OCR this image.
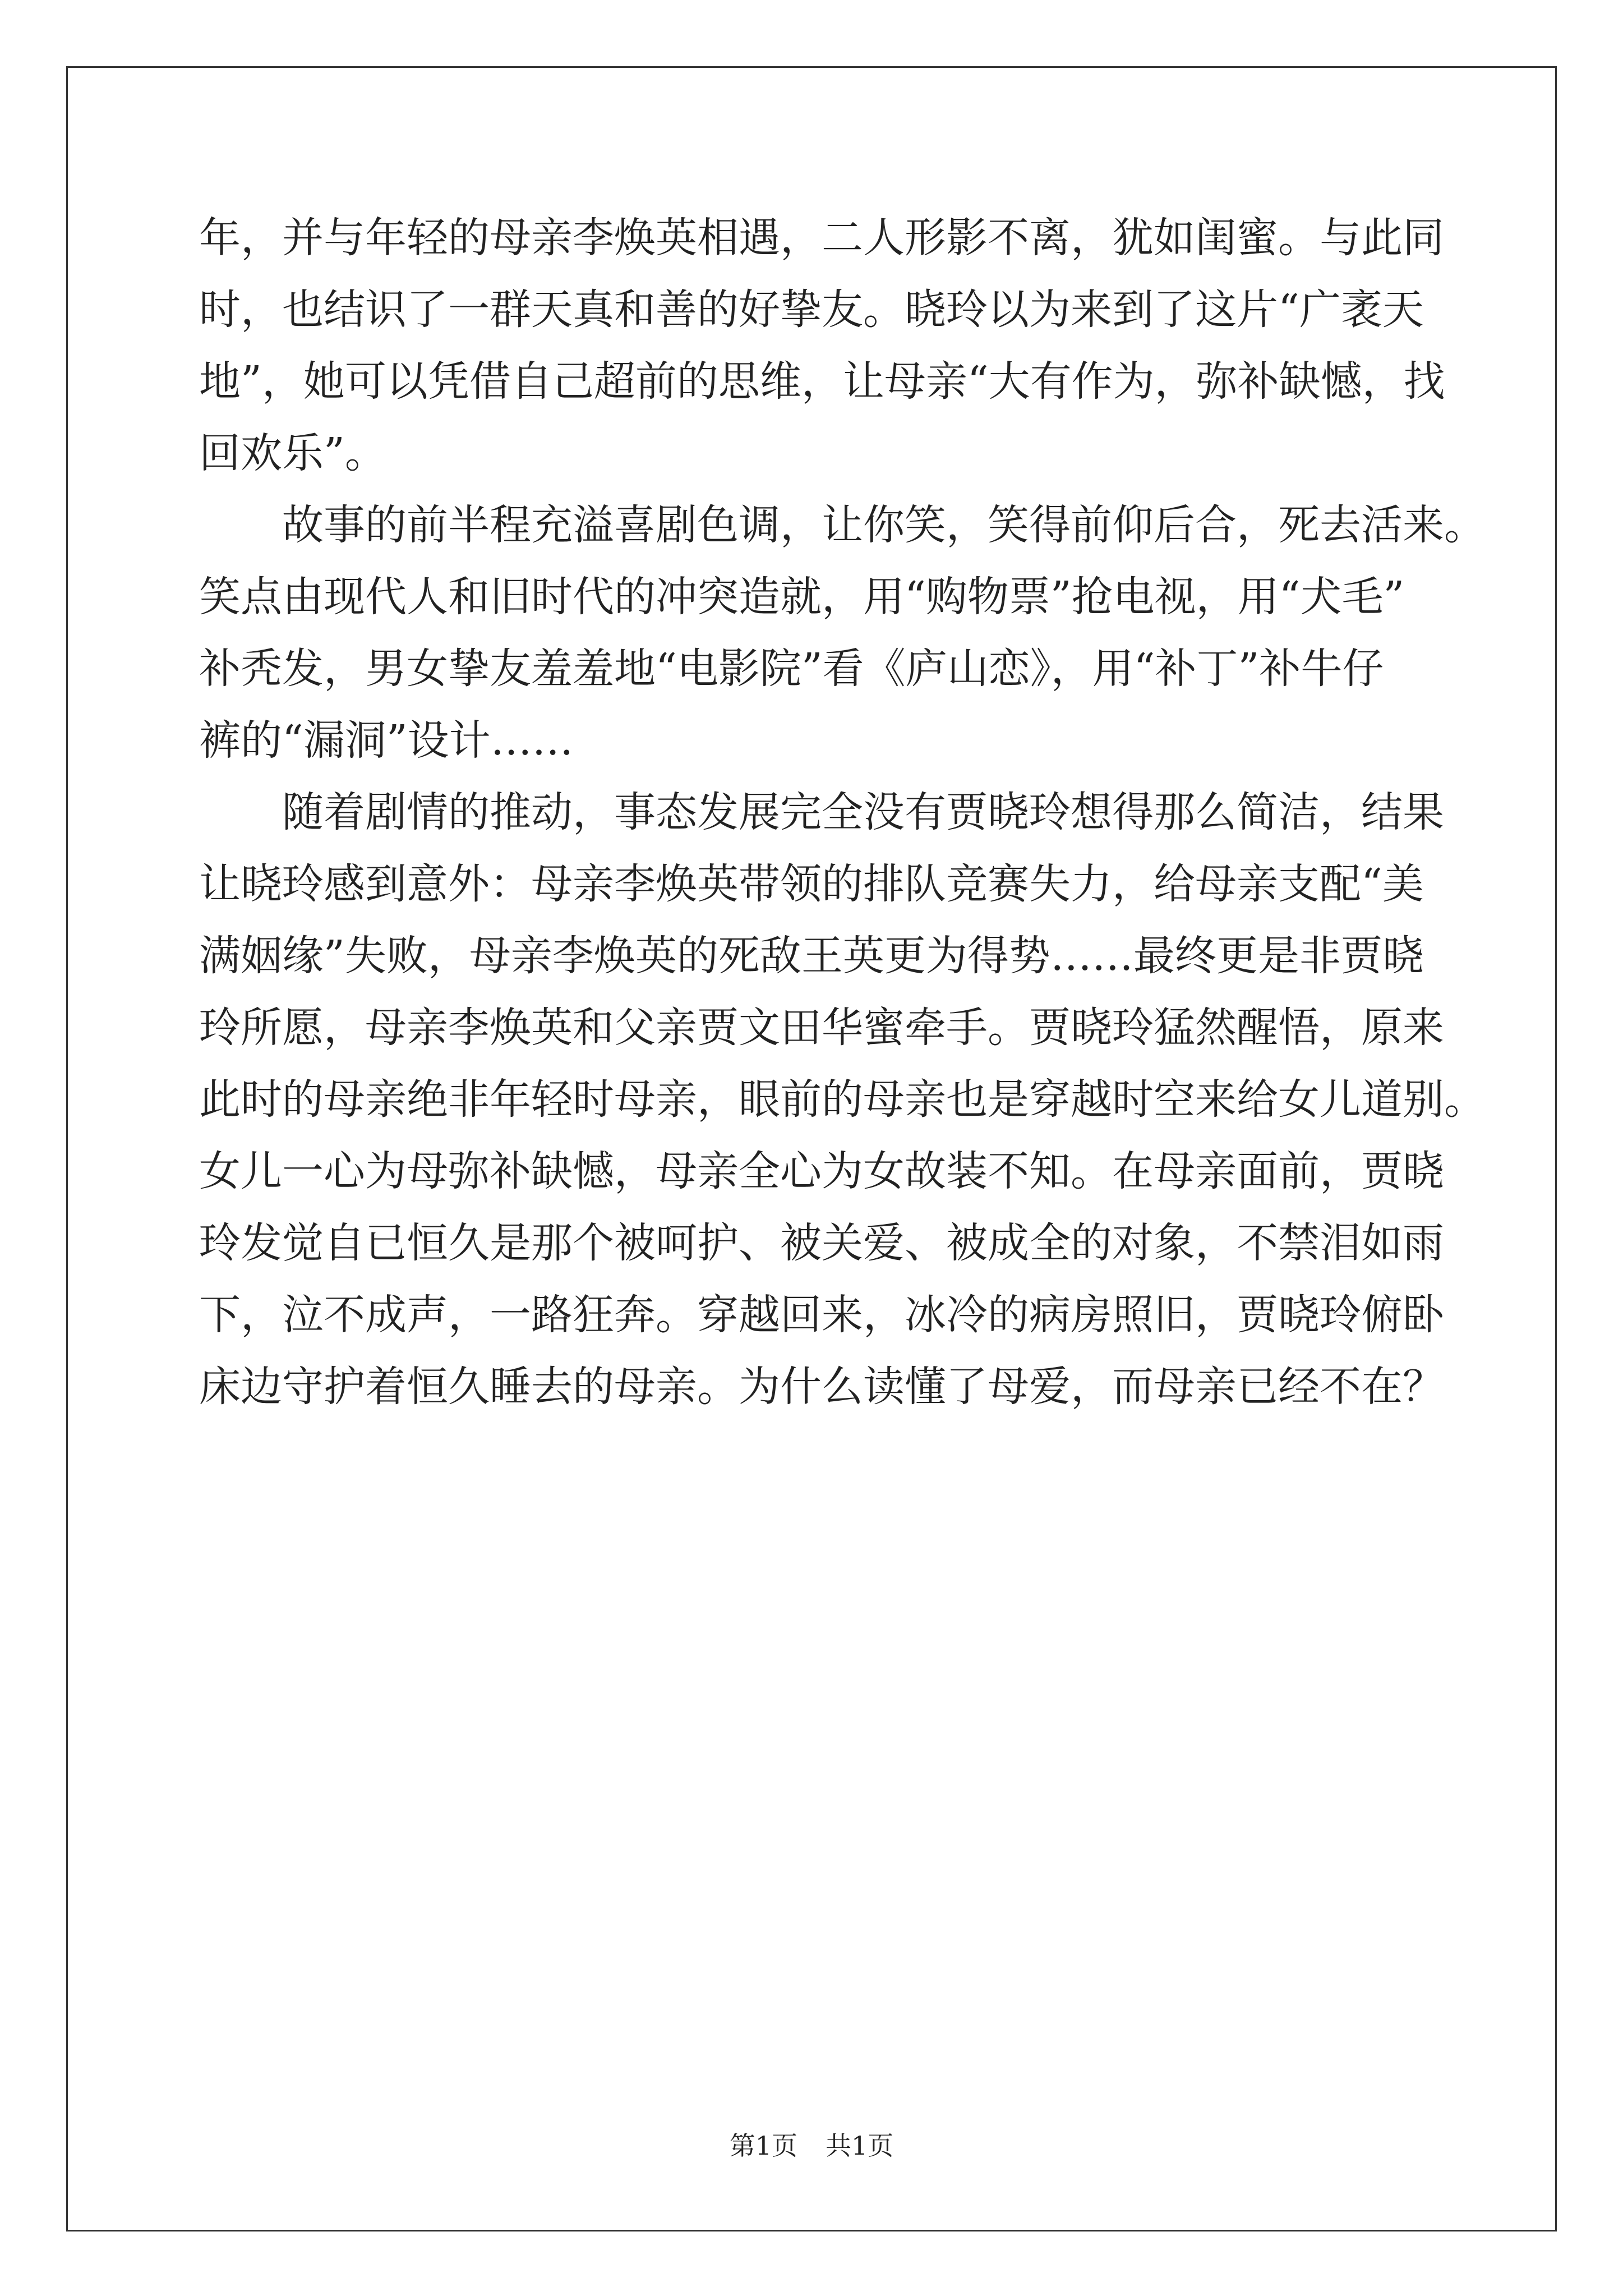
年，并与年轻的母亲李焕英相遇，二人形影不离，犹如闺蜜。与此同
时，也结识了一群天真和善的好挚友。晓玲以为来到了这片“广袤天
地”，她可以凭借自己超前的思维，让母亲“大有作为，弥补缺憾，找
回欢乐”。
故事的前半程充溢喜剧色调，让你笑，笑得前仰后合，死去活来。
笑点由现代人和旧时代的冲突造就，用“购物票”抢电视，用“犬毛”
补秃发，男女挚友羞羞地“电影院”看《庐山恋》，用“补丁”补牛仔
裤的“漏洞”设计……
随着剧情的推动，事态发展完全没有贾晓玲想得那么简洁，结果
让晓玲感到意外：母亲李焕英带领的排队竞赛失力，给母亲支配“美
满姻缘”失败，母亲李焕英的死敌王英更为得势……最终更是非贾晓
玲所愿，母亲李焕英和父亲贾文田华蜜牵手。贾晓玲猛然醒悟，原来
此时的母亲绝非年轻时母亲，眼前的母亲也是穿越时空来给女儿道别。
女儿一心为母弥补缺憾，母亲全心为女故装不知。在母亲面前，贾晓
玲发觉自已恒久是那个被呵护、被关爱、被成全的对象，不禁泪如雨
下，泣不成声，一路狂奔。穿越回来，冰冷的病房照旧，贾晓玲俯卧
床边守护着恒久睡去的母亲。为什么读懂了母爱，而母亲已经不在？
第1页 共1页
